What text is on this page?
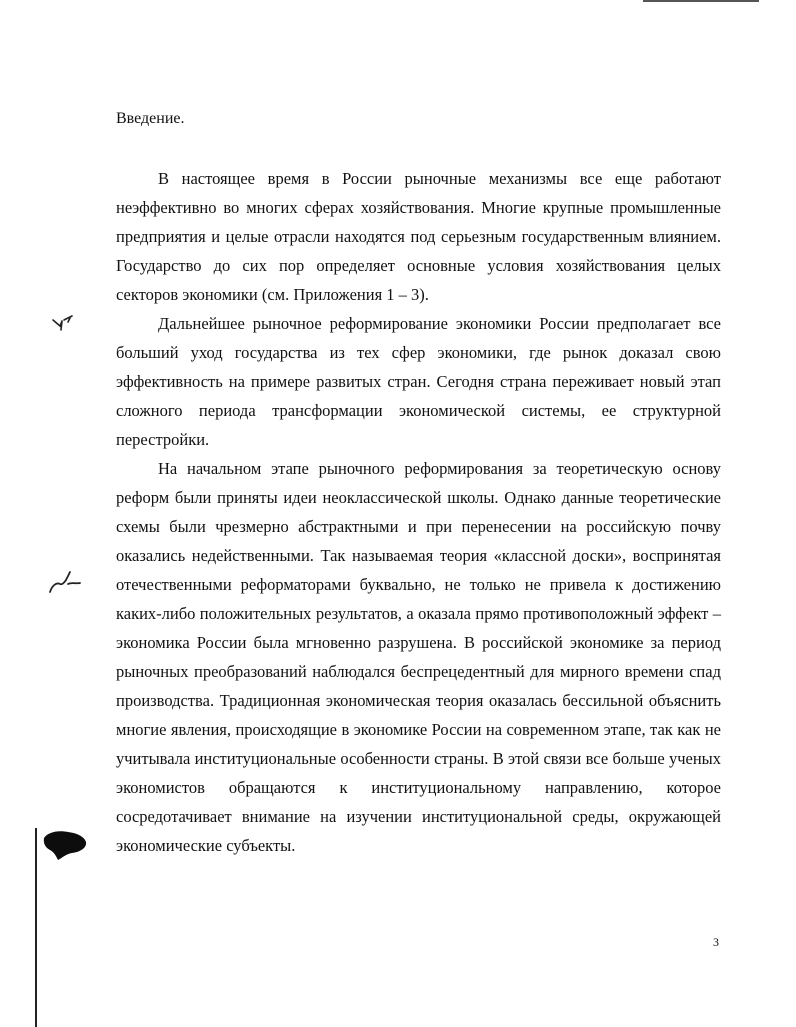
Введение.

В настоящее время в России рыночные механизмы все еще работают неэффективно во многих сферах хозяйствования. Многие крупные промышленные предприятия и целые отрасли находятся под серьезным государственным влиянием. Государство до сих пор определяет основные условия хозяйствования целых секторов экономики (см. Приложения 1 – 3).

Дальнейшее рыночное реформирование экономики России предполагает все больший уход государства из тех сфер экономики, где рынок доказал свою эффективность на примере развитых стран. Сегодня страна переживает новый этап сложного периода трансформации экономической системы, ее структурной перестройки.

На начальном этапе рыночного реформирования за теоретическую основу реформ были приняты идеи неоклассической школы. Однако данные теоретические схемы были чрезмерно абстрактными и при перенесении на российскую почву оказались недейственными. Так называемая теория «классной доски», воспринятая отечественными реформаторами буквально, не только не привела к достижению каких-либо положительных результатов, а оказала прямо противоположный эффект – экономика России была мгновенно разрушена. В российской экономике за период рыночных преобразований наблюдался беспрецедентный для мирного времени спад производства. Традиционная экономическая теория оказалась бессильной объяснить многие явления, происходящие в экономике России на современном этапе, так как не учитывала институциональные особенности страны. В этой связи все больше ученых экономистов обращаются к институциональному направлению, которое сосредотачивает внимание на изучении институциональной среды, окружающей экономические субъекты.

3
